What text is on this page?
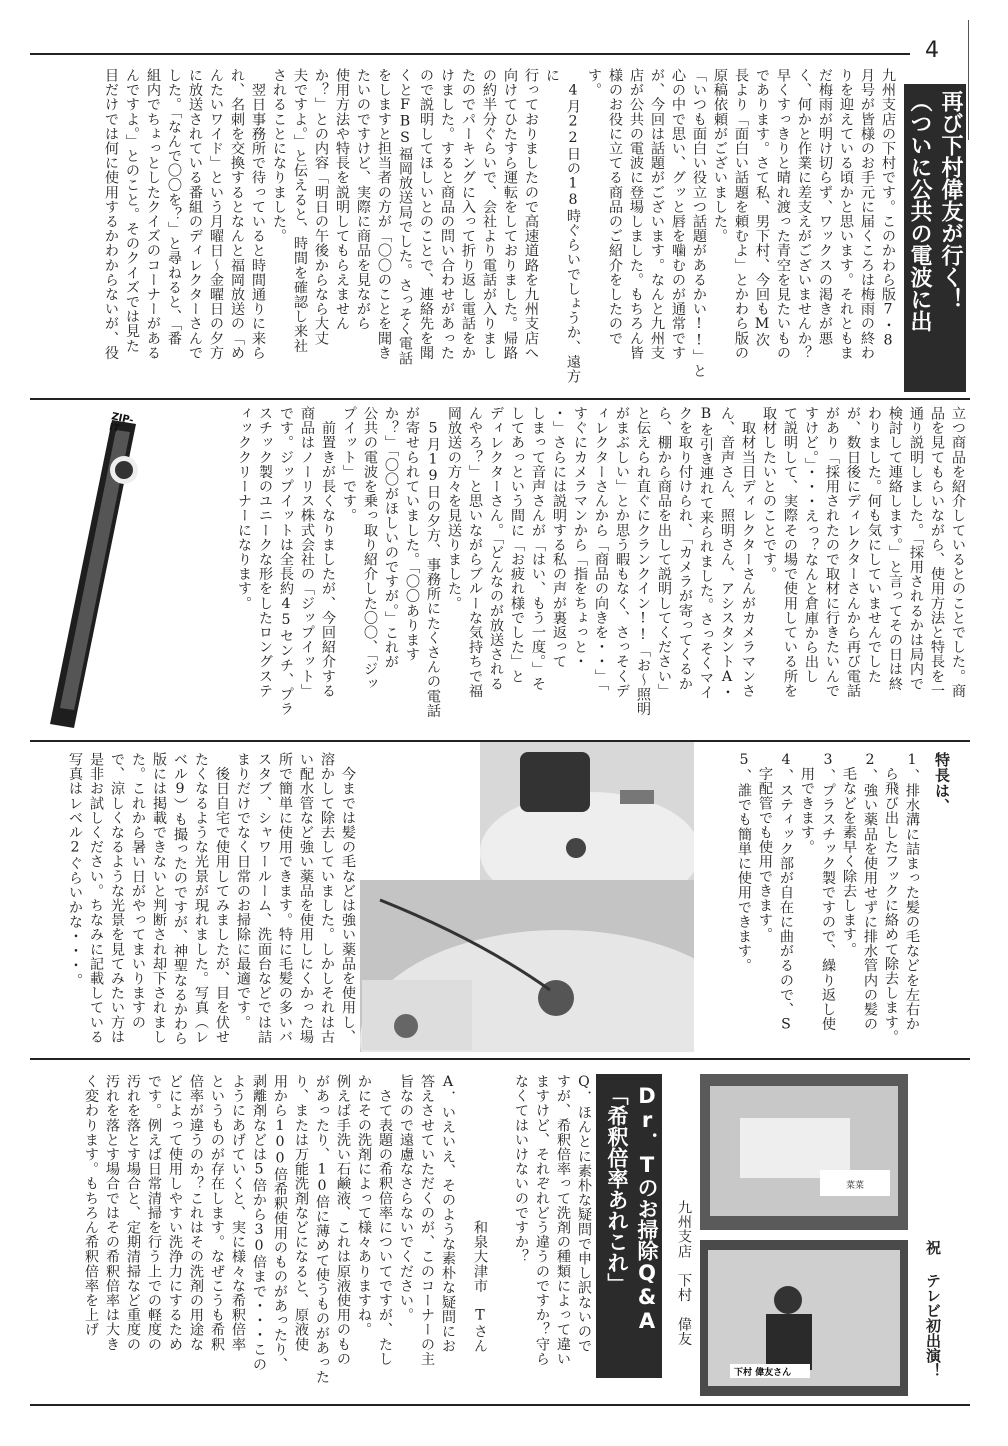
4
再び下村偉友が行く！
（ついに公共の電波に出
九州支店の下村です。このかわら版7・8
月号が皆様のお手元に届くころは梅雨の終わ
りを迎えている頃かと思います。それともま
だ梅雨が明け切らず、ワックスの渇きが悪
く、何かと作業に差支えがございませんか？
早くすっきりと晴れ渡った青空を見たいもの
であります。さて私、男下村、今回もM次
長より「面白い話題を頼むよ」とかわら版の
原稿依頼がございました。
「いつも面白い役立つ話題があるかい!!」と
心の中で思い、グッと唇を噛むのが通常です
が、今回は話題がございます。なんと九州支
店が公共の電波に登場しました。もちろん皆
様のお役に立てる商品のご紹介をしたので
す。
　4月22日の18時ぐらいでしょうか、遠方に
行っておりましたので高速道路を九州支店へ
向けてひたすら運転をしておりました。帰路
の約半分ぐらいで、会社より電話が入りまし
たのでパーキングに入って折り返し電話をか
けました。すると商品の問い合わせがあった
ので説明してほしいとのことで、連絡先を聞
くとFBS福岡放送局でした。さっそく電話
をしますと担当者の方が「〇〇のことを聞き
たいのですけど、実際に商品を見ながら
使用方法や特長を説明してもらえません
か？」との内容「明日の午後からなら大丈
夫ですよ。」と伝えると、時間を確認し来社
されることになりました。
　翌日事務所で待っていると時間通りに来ら
れ、名刺を交換するとなんと福岡放送の「め
んたいワイド」という月曜日〜金曜日の夕方
に放送されている番組のディレクターさんで
した。「なんで〇〇を？」と尋ねると、「番
組内でちょっとしたクイズのコーナーがある
んですよ。」とのこと。そのクイズでは見た
目だけでは何に使用するかわからないが、役
立つ商品を紹介しているとのことでした。商
品を見てもらいながら、使用方法と特長を一
通り説明しました。「採用されるかは局内で
検討して連絡します。」と言ってその日は終
わりました。何も気にしていませんでした
が、数日後にディレクターさんから再び電話
があり「採用されたので取材に行きたいんで
すけど。」・・・えっ？なんと倉庫から出し
て説明して、実際その場で使用している所を
取材したいとのことです。
　取材当日ディレクターさんがカメラマンさ
ん、音声さん、照明さん、アシスタントA・
Bを引き連れて来られました。さっそくマイ
クを取り付けられ、「カメラが寄ってくるか
ら、棚から商品を出して説明してください」
と伝えられ直ぐにクランクイン!!「お〜照明
がまぶしい」とか思う暇もなく、さっそくデ
ィレクターさんから「商品の向きを・・」「
すぐにカメラマンから「指をちょっと・
・」さらには説明する私の声が裏返って
しまって音声さんが「はい、もう一度。」そ
してあっという間に「お疲れ様でした」と
ディレクターさん。「どんなのが放送される
んやろ？」と思いながらブルーな気持ちで福
岡放送の方々を見送りました。
　5月19日の夕方、事務所にたくさんの電話
が寄せられていました。「〇〇あります
か？」「〇〇がほしいのですが。」これが
公共の電波を乗っ取り紹介した〇〇、「ジッ
プイット」です。
　前置きが長くなりましたが、今回紹介する
商品はノーリス株式会社の「ジップイット」
です。ジップイットは全長約45センチ、プラ
スチック製のユニークな形をしたロングステ
ィッククリーナーになります。
ZIP-IT
特長は、
1、排水溝に詰まった髪の毛などを左右か
　ら飛び出したフックに絡めて除去します。
2、強い薬品を使用せずに排水管内の髪の
　毛などを素早く除去します。
3、プラスチック製ですので、繰り返し使
　用できます。
4、スティック部が自在に曲がるので、S
　字配管でも使用できます。
5、誰でも簡単に使用できます。
　今までは髪の毛などは強い薬品を使用し、
溶かして除去していました。しかしそれは古
い配水管など強い薬品を使用しにくかった場
所で簡単に使用できます。特に毛髪の多いバ
スタブ、シャワールーム、洗面台などでは詰
まりだけでなく日常のお掃除に最適です。
　後日自宅で使用してみましたが、目を伏せ
たくなるような光景が現れました。写真（レ
ベル9）も撮ったのですが、神聖なるかわら
版には掲載できないと判断され却下されまし
た。これから暑い日がやってまいりますの
で、涼しくなるような光景を見てみたい方は
是非お試しください。ちなみに記載している
写真はレベル2ぐらいかな・・・。
菜菜
下村 偉友さん	祝 テレビ初出演！
Dr．Tのお掃除Q&A
「希釈倍率あれこれ」	九州支店　下村　偉友
Q．ほんとに素朴な疑問で申し訳ないので
すが、希釈倍率って洗剤の種類によって違い
ますけど、それぞれどう違うのですか？守ら
なくてはいけないのですか？
和泉大津市　Tさん
A．いえいえ、そのような素朴な疑問にお
答えさせていただくのが、このコーナーの主
旨なので遠慮なさらないでください。
　さて表題の希釈倍率についてですが、たし
かにその洗剤によって様々ありますね。
例えば手洗い石鹸液、これは原液使用のもの
があったり、10倍に薄めて使うものがあった
り、または万能洗剤などになると、原液使
用から100倍希釈使用のものがあったり、
剥離剤などは5倍から30倍まで・・・この
ようにあげていくと、実に様々な希釈倍率
というものが存在します。なぜこうも希釈
倍率が違うのか？これはその洗剤の用途な
どによって使用しやすい洗浄力にするため
です。例えば日常清掃を行う上での軽度の
汚れを落とす場合と、定期清掃など重度の
汚れを落とす場合ではその希釈倍率は大き
く変わります。もちろん希釈倍率を上げ
